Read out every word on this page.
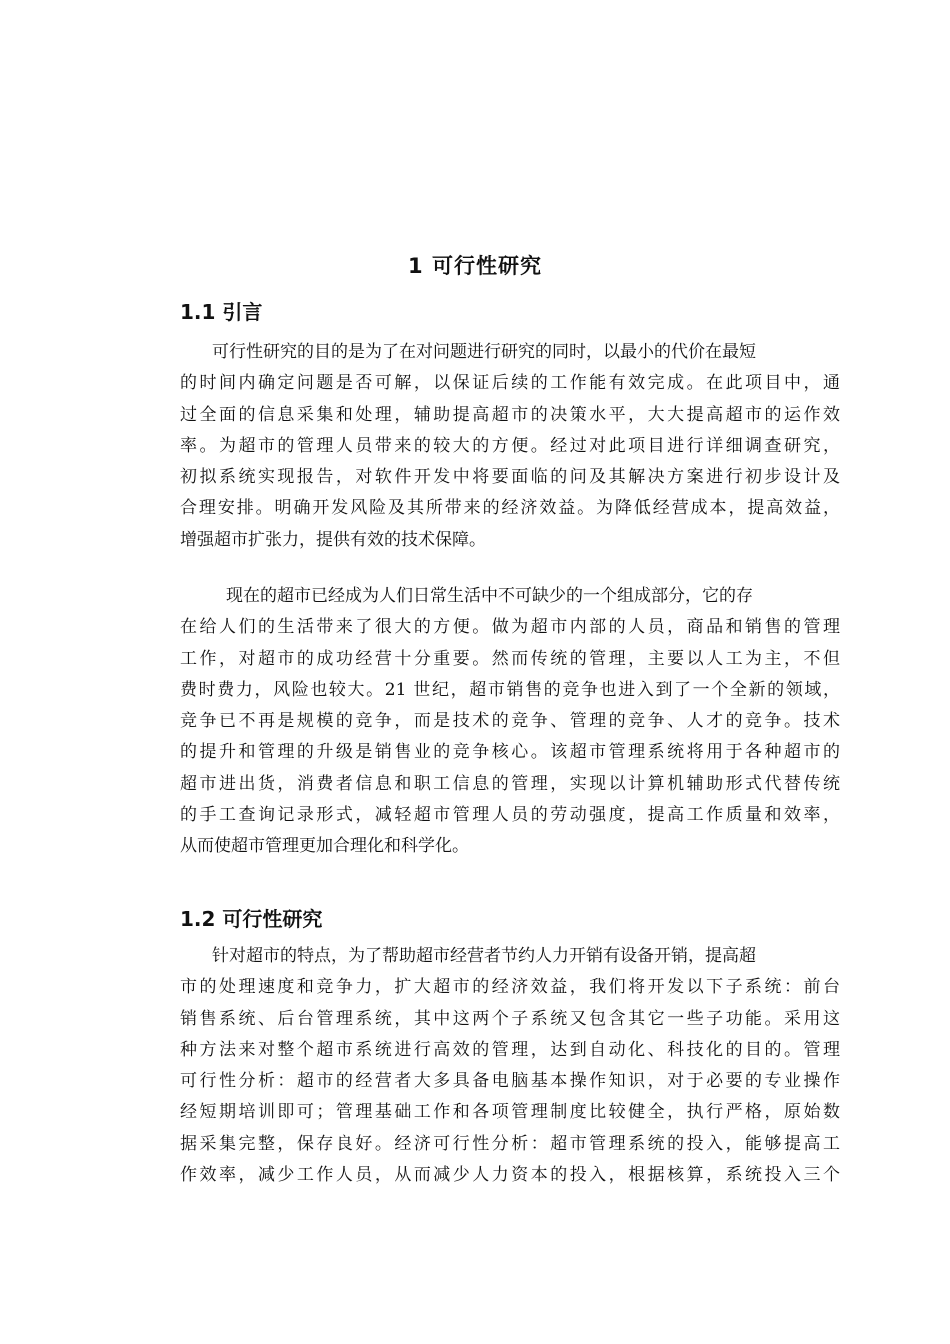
1 可行性研究
1.1 引言
可行性研究的目的是为了在对问题进行研究的同时，以最小的代价在最短
的时间内确定问题是否可解，以保证后续的工作能有效完成。在此项目中，通
过全面的信息采集和处理，辅助提高超市的决策水平，大大提高超市的运作效
率。为超市的管理人员带来的较大的方便。经过对此项目进行详细调查研究，
初拟系统实现报告，对软件开发中将要面临的问及其解决方案进行初步设计及
合理安排。明确开发风险及其所带来的经济效益。为降低经营成本，提高效益，
增强超市扩张力，提供有效的技术保障。
现在的超市已经成为人们日常生活中不可缺少的一个组成部分，它的存
在给人们的生活带来了很大的方便。做为超市内部的人员，商品和销售的管理
工作，对超市的成功经营十分重要。然而传统的管理，主要以人工为主，不但
费时费力，风险也较大。21 世纪，超市销售的竞争也进入到了一个全新的领域，
竞争已不再是规模的竞争，而是技术的竞争、管理的竞争、人才的竞争。技术
的提升和管理的升级是销售业的竞争核心。该超市管理系统将用于各种超市的
超市进出货，消费者信息和职工信息的管理，实现以计算机辅助形式代替传统
的手工查询记录形式，减轻超市管理人员的劳动强度，提高工作质量和效率，
从而使超市管理更加合理化和科学化。
1.2 可行性研究
针对超市的特点，为了帮助超市经营者节约人力开销有设备开销，提高超
市的处理速度和竞争力，扩大超市的经济效益，我们将开发以下子系统：前台
销售系统、后台管理系统，其中这两个子系统又包含其它一些子功能。采用这
种方法来对整个超市系统进行高效的管理，达到自动化、科技化的目的。管理
可行性分析：超市的经营者大多具备电脑基本操作知识，对于必要的专业操作
经短期培训即可；管理基础工作和各项管理制度比较健全，执行严格，原始数
据采集完整，保存良好。经济可行性分析：超市管理系统的投入，能够提高工
作效率，减少工作人员，从而减少人力资本的投入，根据核算，系统投入三个
